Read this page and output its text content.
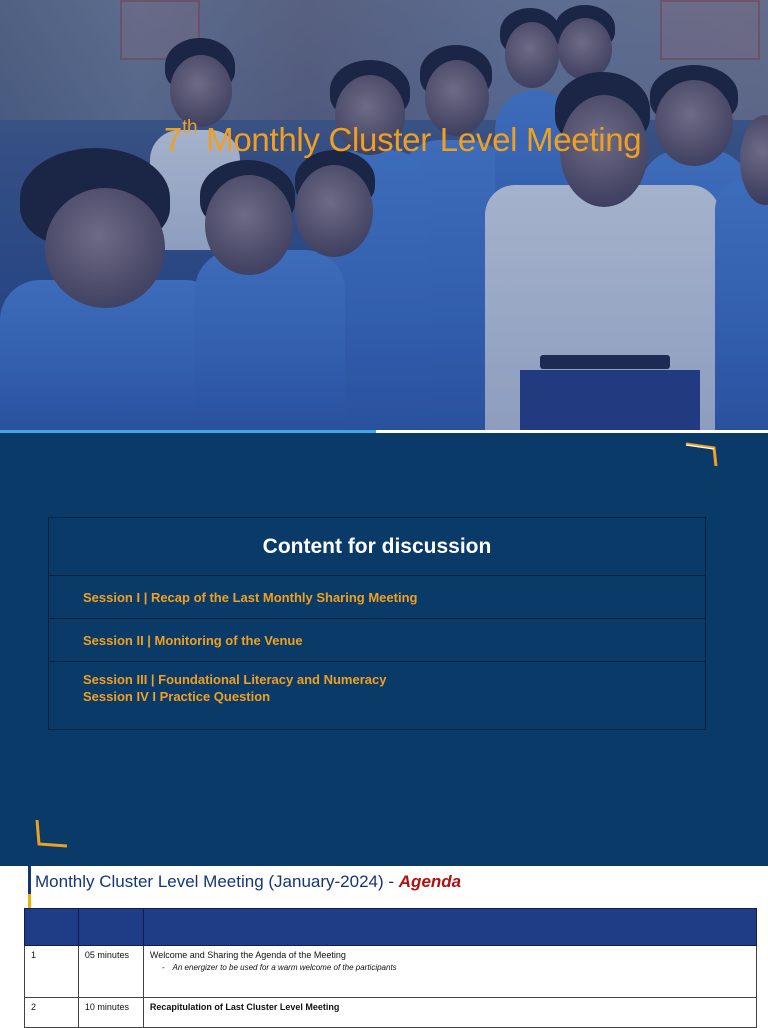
7th Monthly Cluster Level Meeting
Content for discussion
Session I | Recap of the Last Monthly Sharing Meeting
Session II | Monitoring of the Venue
Session III | Foundational Literacy and Numeracy
Session IV I Practice Question
Monthly Cluster Level Meeting (January-2024) - Agenda

1	05 minutes	Welcome and Sharing the Agenda of the Meeting
- An energizer to be used for a warm welcome of the participants

2	10 minutes	Recapitulation of Last Cluster Level Meeting
